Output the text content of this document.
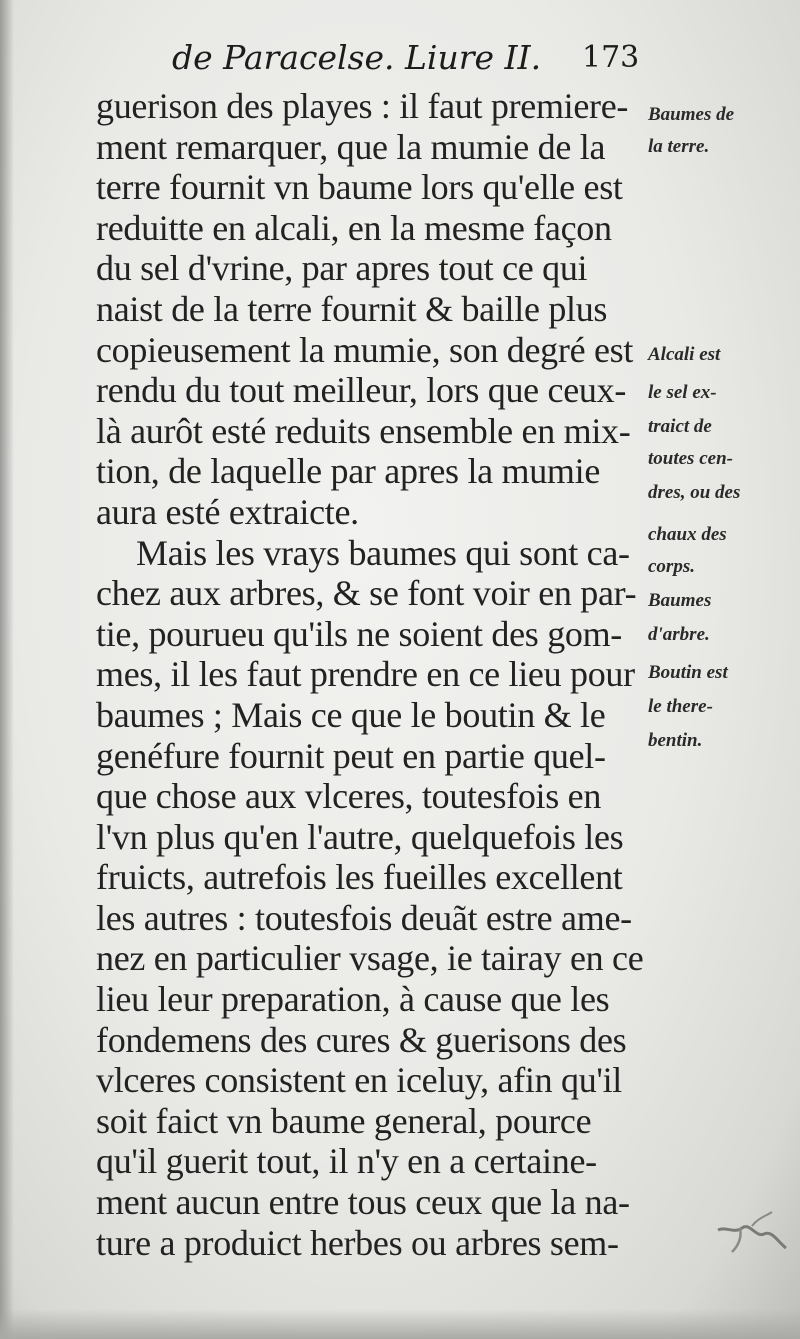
de Paracelse. Liure II. 173
guerison des playes : il faut premiere-
ment remarquer, que la mumie de la
terre fournit vn baume lors qu'elle est
reduitte en alcali, en la mesme façon
du sel d'vrine, par apres tout ce qui
naist de la terre fournit & baille plus
copieusement la mumie, son degré est
rendu du tout meilleur, lors que ceux-
là aurôt esté reduits ensemble en mix-
tion, de laquelle par apres la mumie
aura esté extraicte.
Mais les vrays baumes qui sont ca-
chez aux arbres, & se font voir en par-
tie, pourueu qu'ils ne soient des gom-
mes, il les faut prendre en ce lieu pour
baumes ; Mais ce que le boutin & le
genéfure fournit peut en partie quel-
que chose aux vlceres, toutesfois en
l'vn plus qu'en l'autre, quelquefois les
fruicts, autrefois les fueilles excellent
les autres : toutesfois deuãt estre ame-
nez en particulier vsage, ie tairay en ce
lieu leur preparation, à cause que les
fondemens des cures & guerisons des
vlceres consistent en iceluy, afin qu'il
soit faict vn baume general, pource
qu'il guerit tout, il n'y en a certaine-
ment aucun entre tous ceux que la na-
ture a produict herbes ou arbres sem-
Baumes de
la terre.
Alcali est
le sel ex-
traict de
toutes cen-
dres, ou des
chaux des
corps.
Baumes
d'arbre.
Boutin est
le there-
bentin.
